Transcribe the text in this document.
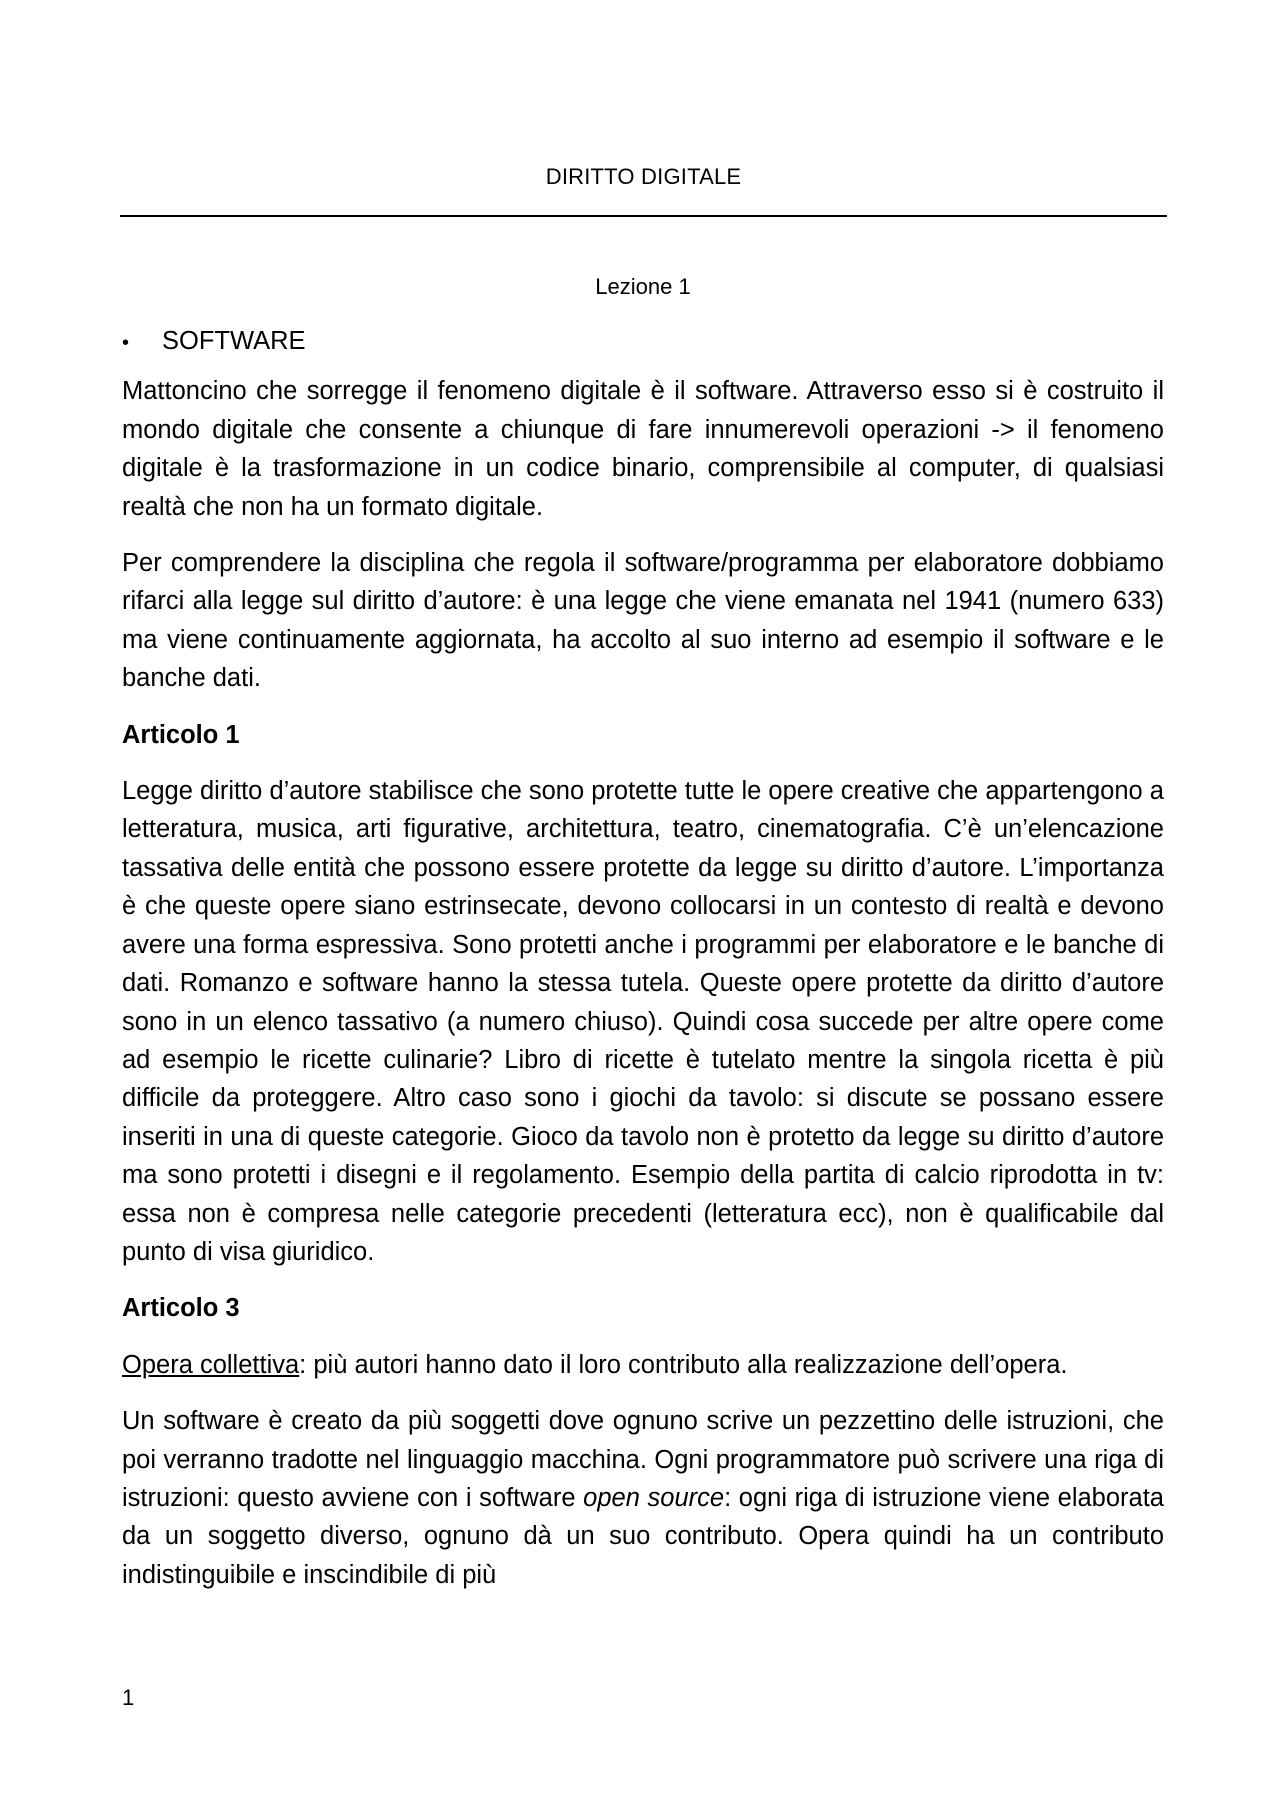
DIRITTO DIGITALE
Lezione 1
•	SOFTWARE

Mattoncino che sorregge il fenomeno digitale è il software. Attraverso esso si è costruito il mondo digitale che consente a chiunque di fare innumerevoli operazioni -> il fenomeno digitale è la trasformazione in un codice binario, comprensibile al computer, di qualsiasi realtà che non ha un formato digitale.

Per comprendere la disciplina che regola il software/programma per elaboratore dobbiamo rifarci alla legge sul diritto d’autore: è una legge che viene emanata nel 1941 (numero 633) ma viene continuamente aggiornata, ha accolto al suo interno ad esempio il software e le banche dati.

Articolo 1

Legge diritto d’autore stabilisce che sono protette tutte le opere creative che appartengono a letteratura, musica, arti figurative, architettura, teatro, cinematografia. C’è un’elencazione tassativa delle entità che possono essere protette da legge su diritto d’autore. L’importanza è che queste opere siano estrinsecate, devono collocarsi in un contesto di realtà e devono avere una forma espressiva. Sono protetti anche i programmi per elaboratore e le banche di dati. Romanzo e software hanno la stessa tutela. Queste opere protette da diritto d’autore sono in un elenco tassativo (a numero chiuso). Quindi cosa succede per altre opere come ad esempio le ricette culinarie? Libro di ricette è tutelato mentre la singola ricetta è più difficile da proteggere. Altro caso sono i giochi da tavolo: si discute se possano essere inseriti in una di queste categorie. Gioco da tavolo non è protetto da legge su diritto d’autore ma sono protetti i disegni e il regolamento. Esempio della partita di calcio riprodotta in tv: essa non è compresa nelle categorie precedenti (letteratura ecc), non è qualificabile dal punto di visa giuridico.

Articolo 3

Opera collettiva: più autori hanno dato il loro contributo alla realizzazione dell’opera.

Un software è creato da più soggetti dove ognuno scrive un pezzettino delle istruzioni, che poi verranno tradotte nel linguaggio macchina. Ogni programmatore può scrivere una riga di istruzioni: questo avviene con i software open source: ogni riga di istruzione viene elaborata da un soggetto diverso, ognuno dà un suo contributo. Opera quindi ha un contributo indistinguibile e inscindibile di più

1
